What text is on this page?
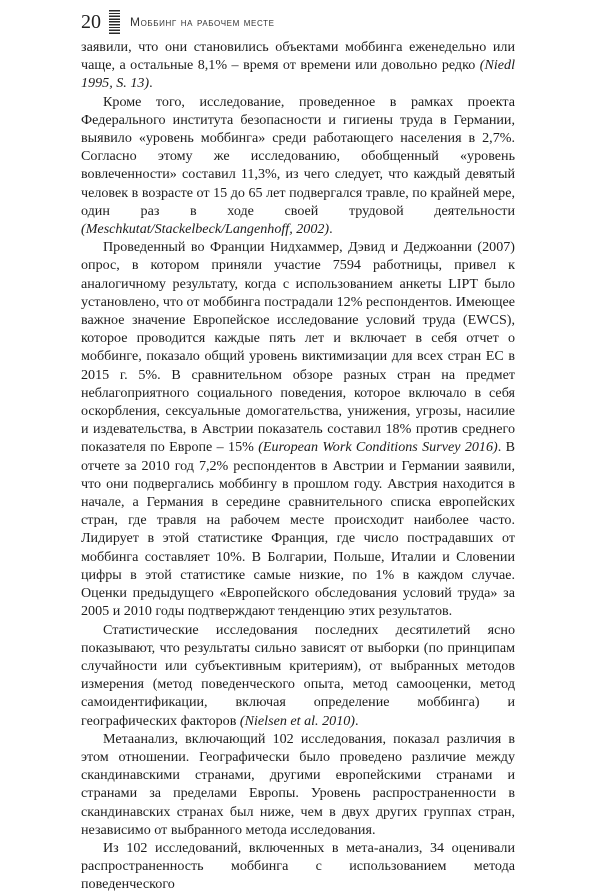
20 Моббинг на рабочем месте

заявили, что они становились объектами моббинга еженедельно или чаще, а остальные 8,1% – время от времени или довольно редко (Niedl 1995, S. 13).

Кроме того, исследование, проведенное в рамках проекта Федерального института безопасности и гигиены труда в Германии, выявило «уровень моббинга» среди работающего населения в 2,7%. Согласно этому же исследованию, обобщенный «уровень вовлеченности» составил 11,3%, из чего следует, что каждый девятый человек в возрасте от 15 до 65 лет подвергался травле, по крайней мере, один раз в ходе своей трудовой деятельности (Meschkutat/Stackelbeck/Langenhoff, 2002).

Проведенный во Франции Нидхаммер, Дэвид и Деджоанни (2007) опрос, в котором приняли участие 7594 работницы, привел к аналогичному результату, когда с использованием анкеты LIPT было установлено, что от моббинга пострадали 12% респондентов. Имеющее важное значение Европейское исследование условий труда (EWCS), которое проводится каждые пять лет и включает в себя отчет о моббинге, показало общий уровень виктимизации для всех стран ЕС в 2015 г. 5%. В сравнительном обзоре разных стран на предмет неблагоприятного социального поведения, которое включало в себя оскорбления, сексуальные домогательства, унижения, угрозы, насилие и издевательства, в Австрии показатель составил 18% против среднего показателя по Европе – 15% (European Work Conditions Survey 2016). В отчете за 2010 год 7,2% респондентов в Австрии и Германии заявили, что они подвергались моббингу в прошлом году. Австрия находится в начале, а Германия в середине сравнительного списка европейских стран, где травля на рабочем месте происходит наиболее часто. Лидирует в этой статистике Франция, где число пострадавших от моббинга составляет 10%. В Болгарии, Польше, Италии и Словении цифры в этой статистике самые низкие, по 1% в каждом случае. Оценки предыдущего «Европейского обследования условий труда» за 2005 и 2010 годы подтверждают тенденцию этих результатов.

Статистические исследования последних десятилетий ясно показывают, что результаты сильно зависят от выборки (по принципам случайности или субъективным критериям), от выбранных методов измерения (метод поведенческого опыта, метод самооценки, метод самоидентификации, включая определение моббинга) и географических факторов (Nielsen et al. 2010).

Метаанализ, включающий 102 исследования, показал различия в этом отношении. Географически было проведено различие между скандинавскими странами, другими европейскими странами и странами за пределами Европы. Уровень распространенности в скандинавских странах был ниже, чем в двух других группах стран, независимо от выбранного метода исследования.

Из 102 исследований, включенных в мета-анализ, 34 оценивали распространенность моббинга с использованием метода поведенческого
